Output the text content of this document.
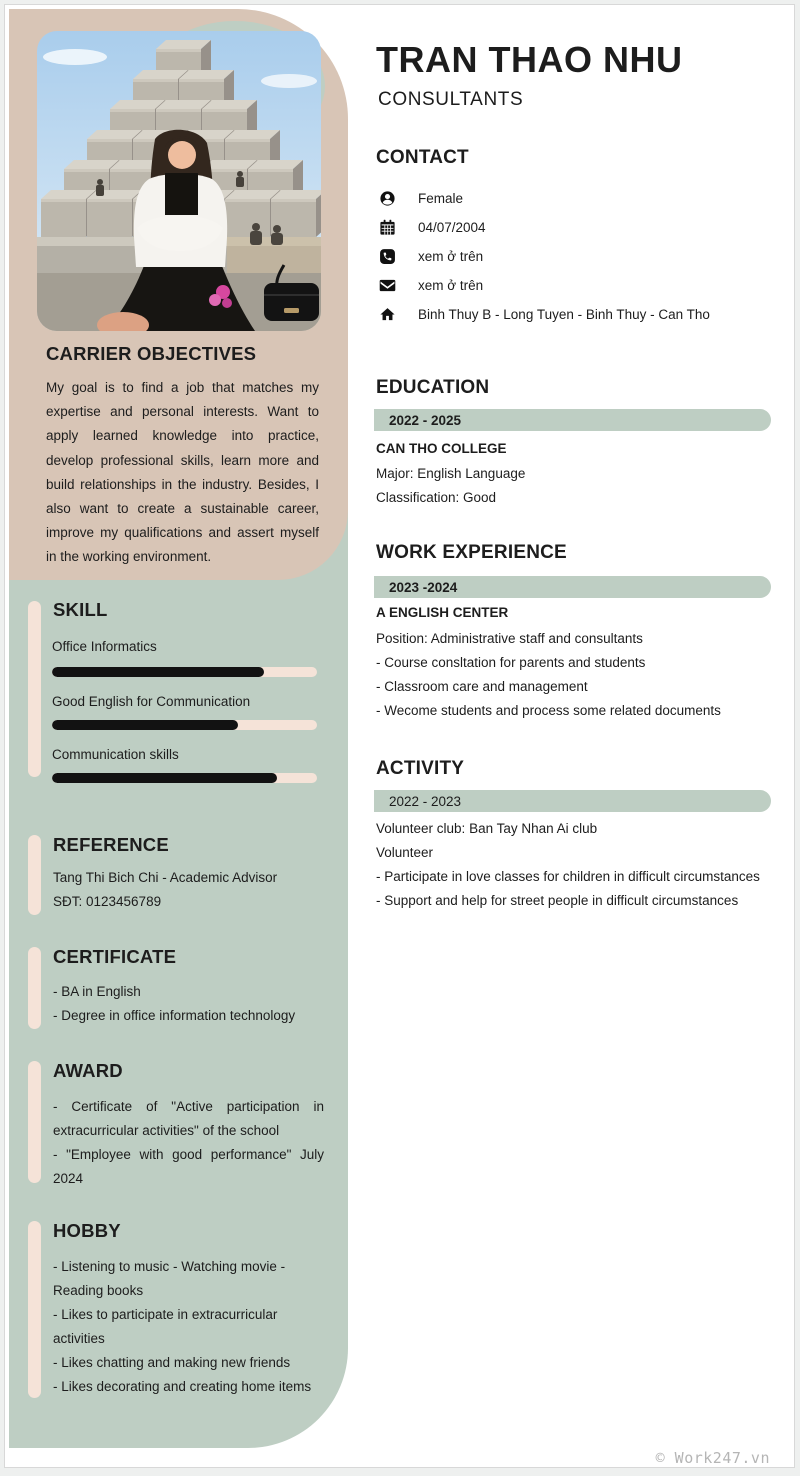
CARRIER OBJECTIVES
My goal is to find a job that matches my expertise and personal interests. Want to apply learned knowledge into practice, develop professional skills, learn more and build relationships in the industry. Besides, I also want to create a sustainable career, improve my qualifications and assert myself in the working environment.
SKILL
Office Informatics
Good English for Communication
Communication skills
REFERENCE
Tang Thi Bich Chi - Academic Advisor
SĐT: 0123456789
CERTIFICATE
- BA in English
- Degree in office information technology
AWARD
- Certificate of "Active participation in extracurricular activities" of the school
- "Employee with good performance" July 2024
HOBBY
- Listening to music - Watching movie - Reading books
- Likes to participate in extracurricular activities
- Likes chatting and making new friends
- Likes decorating and creating home items
TRAN THAO NHU
CONSULTANTS
CONTACT
Female
04/07/2004
xem ở trên
xem ở trên
Binh Thuy B - Long Tuyen - Binh Thuy - Can Tho
EDUCATION
2022 - 2025
CAN THO COLLEGE
Major: English Language
Classification: Good
WORK EXPERIENCE
2023 -2024
A ENGLISH CENTER
Position: Administrative staff and consultants
- Course consltation for parents and students
- Classroom care and management
- Wecome students and process some related documents
ACTIVITY
2022 - 2023
Volunteer club: Ban Tay Nhan Ai club
Volunteer
- Participate in love classes for children in difficult circumstances
- Support and help for street people in difficult circumstances
© Work247.vn
